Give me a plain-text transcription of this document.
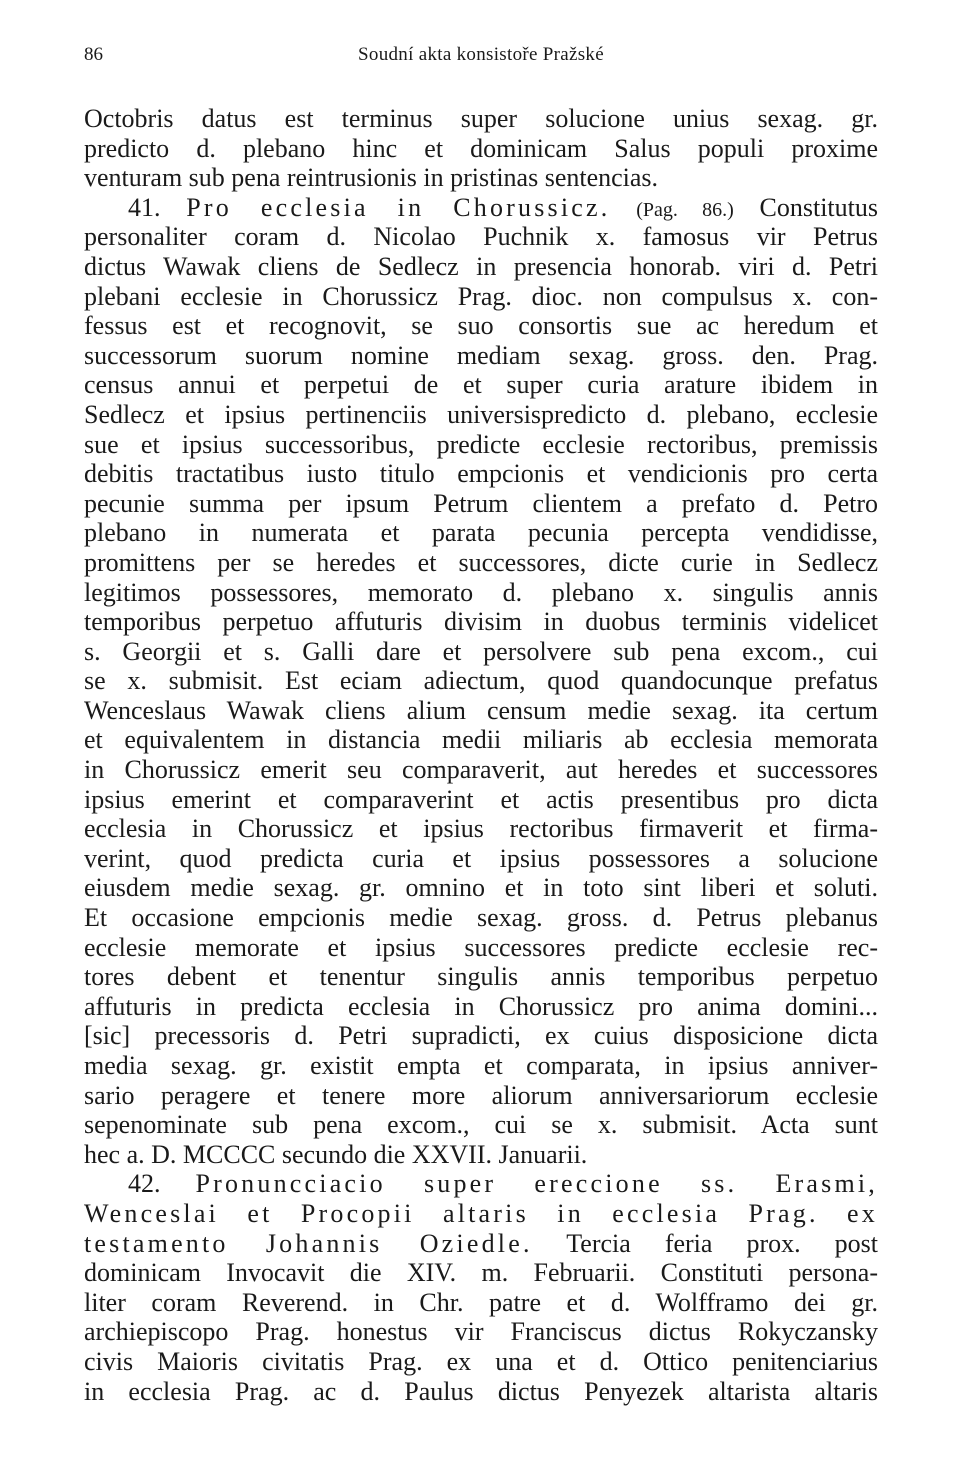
86	Soudní akta konsistoře Pražské
Octobris datus est terminus super solucione unius sexag. gr.
predicto d. plebano hinc et dominicam Salus populi proxime
venturam sub pena reintrusionis in pristinas sentencias.
41. Pro ecclesia in Chorussicz. (Pag. 86.) Constitutus
personaliter coram d. Nicolao Puchnik x. famosus vir Petrus
dictus Wawak cliens de Sedlecz in presencia honorab. viri d. Petri
plebani ecclesie in Chorussicz Prag. dioc. non compulsus x. con-
fessus est et recognovit, se suo consortis sue ac heredum et
successorum suorum nomine mediam sexag. gross. den. Prag.
census annui et perpetui de et super curia arature ibidem in
Sedlecz et ipsius pertinenciis universispredicto d. plebano, ecclesie
sue et ipsius successoribus, predicte ecclesie rectoribus, premissis
debitis tractatibus iusto titulo empcionis et vendicionis pro certa
pecunie summa per ipsum Petrum clientem a prefato d. Petro
plebano in numerata et parata pecunia percepta vendidisse,
promittens per se heredes et successores, dicte curie in Sedlecz
legitimos possessores, memorato d. plebano x. singulis annis
temporibus perpetuo affuturis divisim in duobus terminis videlicet
s. Georgii et s. Galli dare et persolvere sub pena excom., cui
se x. submisit. Est eciam adiectum, quod quandocunque prefatus
Wenceslaus Wawak cliens alium censum medie sexag. ita certum
et equivalentem in distancia medii miliaris ab ecclesia memorata
in Chorussicz emerit seu comparaverit, aut heredes et successores
ipsius emerint et comparaverint et actis presentibus pro dicta
ecclesia in Chorussicz et ipsius rectoribus firmaverit et firma-
verint, quod predicta curia et ipsius possessores a solucione
eiusdem medie sexag. gr. omnino et in toto sint liberi et soluti.
Et occasione empcionis medie sexag. gross. d. Petrus plebanus
ecclesie memorate et ipsius successores predicte ecclesie rec-
tores debent et tenentur singulis annis temporibus perpetuo
affuturis in predicta ecclesia in Chorussicz pro anima domini...
[sic] precessoris d. Petri supradicti, ex cuius disposicione dicta
media sexag. gr. existit empta et comparata, in ipsius anniver-
sario peragere et tenere more aliorum anniversariorum ecclesie
sepenominate sub pena excom., cui se x. submisit. Acta sunt
hec a. D. MCCCC secundo die XXVII. Januarii.
42. Pronuncciacio super ereccione ss. Erasmi,
Wenceslai et Procopii altaris in ecclesia Prag. ex
testamento Johannis Oziedle. Tercia feria prox. post
dominicam Invocavit die XIV. m. Februarii. Constituti persona-
liter coram Reverend. in Chr. patre et d. Wolfframo dei gr.
archiepiscopo Prag. honestus vir Franciscus dictus Rokyczansky
civis Maioris civitatis Prag. ex una et d. Ottico penitenciarius
in ecclesia Prag. ac d. Paulus dictus Penyezek altarista altaris
